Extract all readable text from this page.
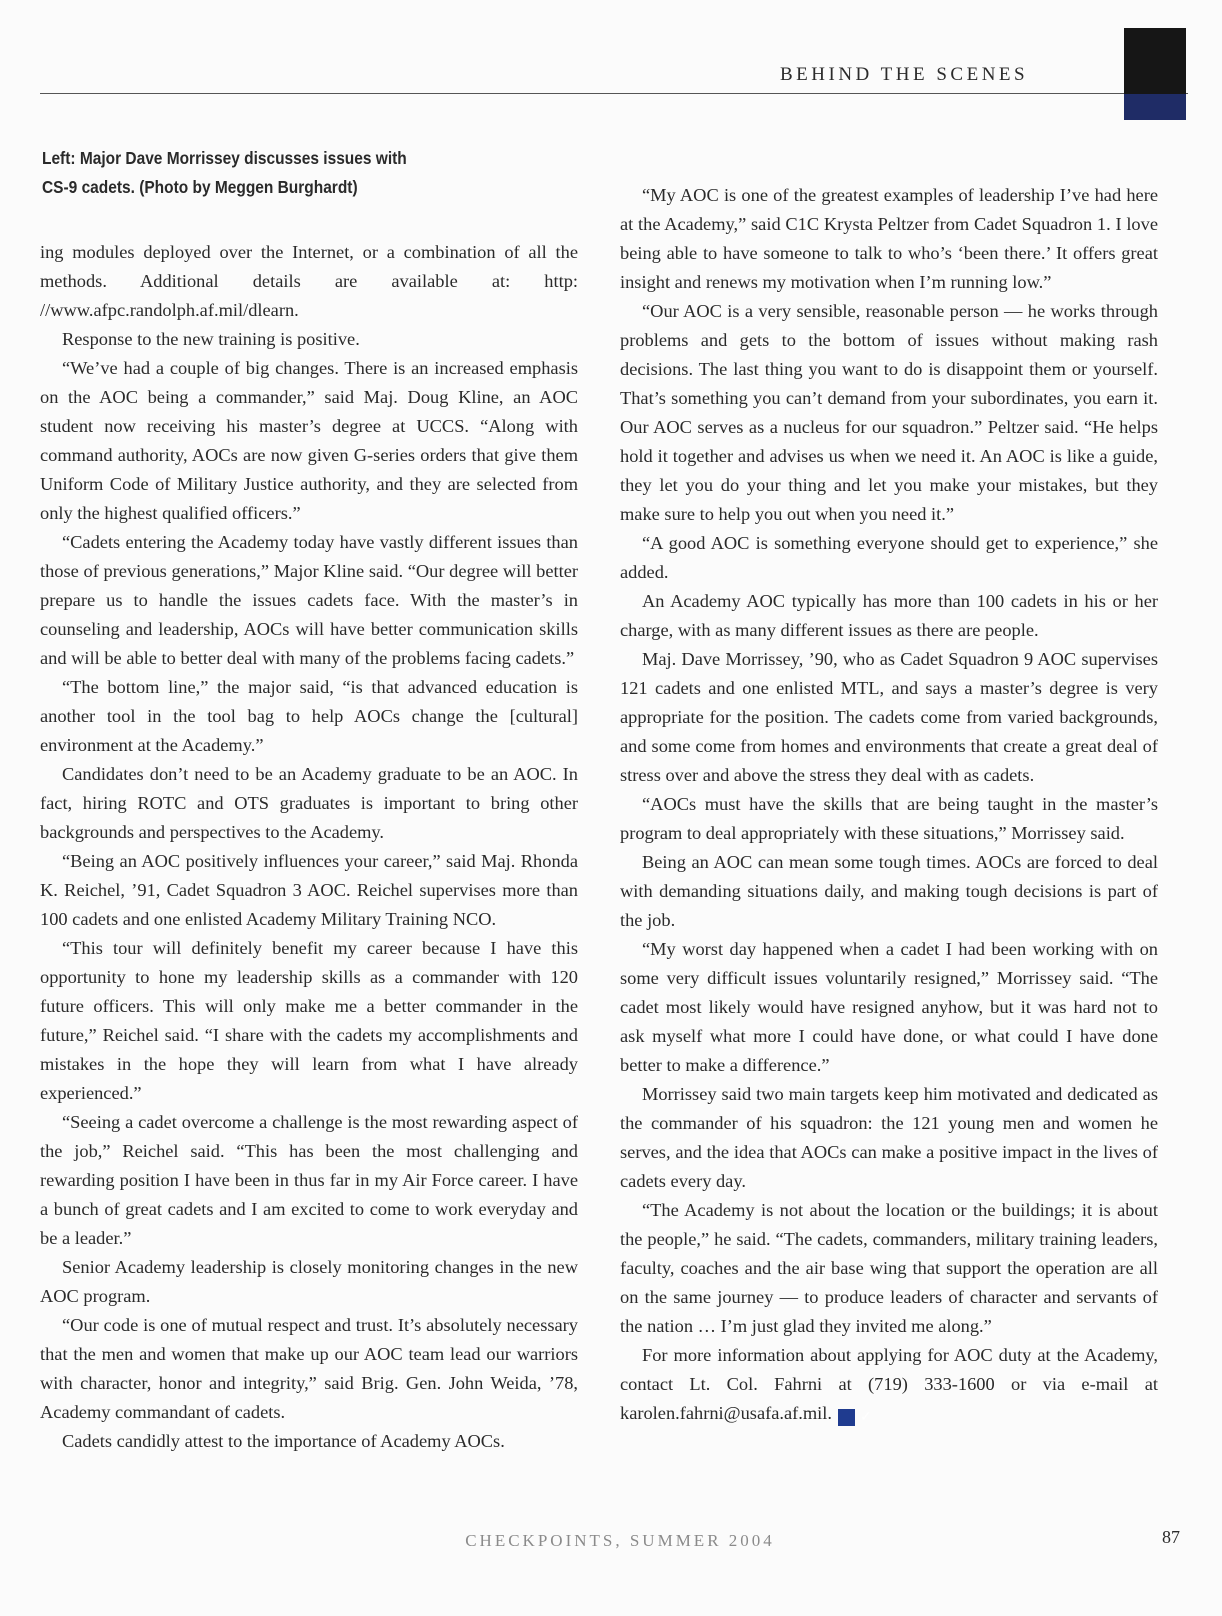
BEHIND THE SCENES
Left: Major Dave Morrissey discusses issues with
CS-9 cadets. (Photo by Meggen Burghardt)

ing modules deployed over the Internet, or a combination of all the methods. Additional details are available at: http: //www.afpc.randolph.af.mil/dlearn.

Response to the new training is positive.

“We’ve had a couple of big changes. There is an increased emphasis on the AOC being a commander,” said Maj. Doug Kline, an AOC student now receiving his master’s degree at UCCS. “Along with command authority, AOCs are now given G-series orders that give them Uniform Code of Military Justice authority, and they are selected from only the highest qualified officers.”

“Cadets entering the Academy today have vastly different issues than those of previous generations,” Major Kline said. “Our degree will better prepare us to handle the issues cadets face. With the master’s in counseling and leadership, AOCs will have better communication skills and will be able to better deal with many of the problems facing cadets.”

“The bottom line,” the major said, “is that advanced education is another tool in the tool bag to help AOCs change the [cultural] environment at the Academy.”

Candidates don’t need to be an Academy graduate to be an AOC. In fact, hiring ROTC and OTS graduates is important to bring other backgrounds and perspectives to the Academy.

“Being an AOC positively influences your career,” said Maj. Rhonda K. Reichel, ’91, Cadet Squadron 3 AOC. Reichel supervises more than 100 cadets and one enlisted Academy Military Training NCO.

“This tour will definitely benefit my career because I have this opportunity to hone my leadership skills as a commander with 120 future officers. This will only make me a better commander in the future,” Reichel said. “I share with the cadets my accomplishments and mistakes in the hope they will learn from what I have already experienced.”

“Seeing a cadet overcome a challenge is the most rewarding aspect of the job,” Reichel said. “This has been the most challenging and rewarding position I have been in thus far in my Air Force career. I have a bunch of great cadets and I am excited to come to work everyday and be a leader.”

Senior Academy leadership is closely monitoring changes in the new AOC program.

“Our code is one of mutual respect and trust. It’s absolutely necessary that the men and women that make up our AOC team lead our warriors with character, honor and integrity,” said Brig. Gen. John Weida, ’78, Academy commandant of cadets.

Cadets candidly attest to the importance of Academy AOCs.

“My AOC is one of the greatest examples of leadership I’ve had here at the Academy,” said C1C Krysta Peltzer from Cadet Squadron 1. I love being able to have someone to talk to who’s ‘been there.’ It offers great insight and renews my motivation when I’m running low.”

“Our AOC is a very sensible, reasonable person — he works through problems and gets to the bottom of issues without making rash decisions. The last thing you want to do is disappoint them or yourself. That’s something you can’t demand from your subordinates, you earn it. Our AOC serves as a nucleus for our squadron.” Peltzer said. “He helps hold it together and advises us when we need it. An AOC is like a guide, they let you do your thing and let you make your mistakes, but they make sure to help you out when you need it.”

“A good AOC is something everyone should get to experience,” she added.

An Academy AOC typically has more than 100 cadets in his or her charge, with as many different issues as there are people.

Maj. Dave Morrissey, ’90, who as Cadet Squadron 9 AOC supervises 121 cadets and one enlisted MTL, and says a master’s degree is very appropriate for the position. The cadets come from varied backgrounds, and some come from homes and environments that create a great deal of stress over and above the stress they deal with as cadets.

“AOCs must have the skills that are being taught in the master’s program to deal appropriately with these situations,” Morrissey said.

Being an AOC can mean some tough times. AOCs are forced to deal with demanding situations daily, and making tough decisions is part of the job.

“My worst day happened when a cadet I had been working with on some very difficult issues voluntarily resigned,” Morrissey said. “The cadet most likely would have resigned anyhow, but it was hard not to ask myself what more I could have done, or what could I have done better to make a difference.”

Morrissey said two main targets keep him motivated and dedicated as the commander of his squadron: the 121 young men and women he serves, and the idea that AOCs can make a positive impact in the lives of cadets every day.

“The Academy is not about the location or the buildings; it is about the people,” he said. “The cadets, commanders, military training leaders, faculty, coaches and the air base wing that support the operation are all on the same journey — to produce leaders of character and servants of the nation … I’m just glad they invited me along.”

For more information about applying for AOC duty at the Academy, contact Lt. Col. Fahrni at (719) 333-1600 or via e-mail at karolen.fahrni@usafa.af.mil. ✓

CHECKPOINTS, SUMMER 2004	87
